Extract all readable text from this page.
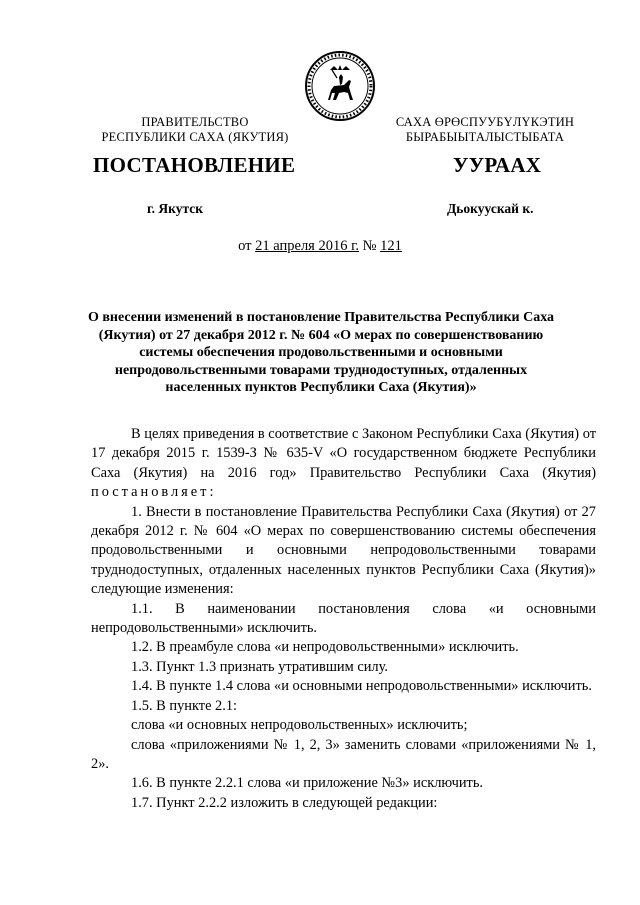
ПРАВИТЕЛЬСТВО
РЕСПУБЛИКИ САХА (ЯКУТИЯ)
САХА ӨРӨСПУУБҮЛҮКЭТИН
БЫРАБЫЫТАЛЫСТЫБАТА
ПОСТАНОВЛЕНИЕ	УУРААХ
г. Якутск	Дьокуускай к.
от 21 апреля 2016 г. № 121
О внесении изменений в постановление Правительства Республики Саха (Якутия) от 27 декабря 2012 г. № 604 «О мерах по совершенствованию системы обеспечения продовольственными и основными непродовольственными товарами труднодоступных, отдаленных населенных пунктов Республики Саха (Якутия)»

В целях приведения в соответствие с Законом Республики Саха (Якутия) от 17 декабря 2015 г. 1539-З № 635-V «О государственном бюджете Республики Саха (Якутия) на 2016 год» Правительство Республики Саха (Якутия) постановляет:

1. Внести в постановление Правительства Республики Саха (Якутия) от 27 декабря 2012 г. № 604 «О мерах по совершенствованию системы обеспечения продовольственными и основными непродовольственными товарами труднодоступных, отдаленных населенных пунктов Республики Саха (Якутия)» следующие изменения:

1.1. В наименовании постановления слова «и основными непродовольственными» исключить.

1.2. В преамбуле слова «и непродовольственными» исключить.

1.3. Пункт 1.3 признать утратившим силу.

1.4. В пункте 1.4 слова «и основными непродовольственными» исключить.

1.5. В пункте 2.1:

слова «и основных непродовольственных» исключить;

слова «приложениями № 1, 2, 3» заменить словами «приложениями № 1, 2».

1.6. В пункте 2.2.1 слова «и приложение №3» исключить.

1.7. Пункт 2.2.2 изложить в следующей редакции:
